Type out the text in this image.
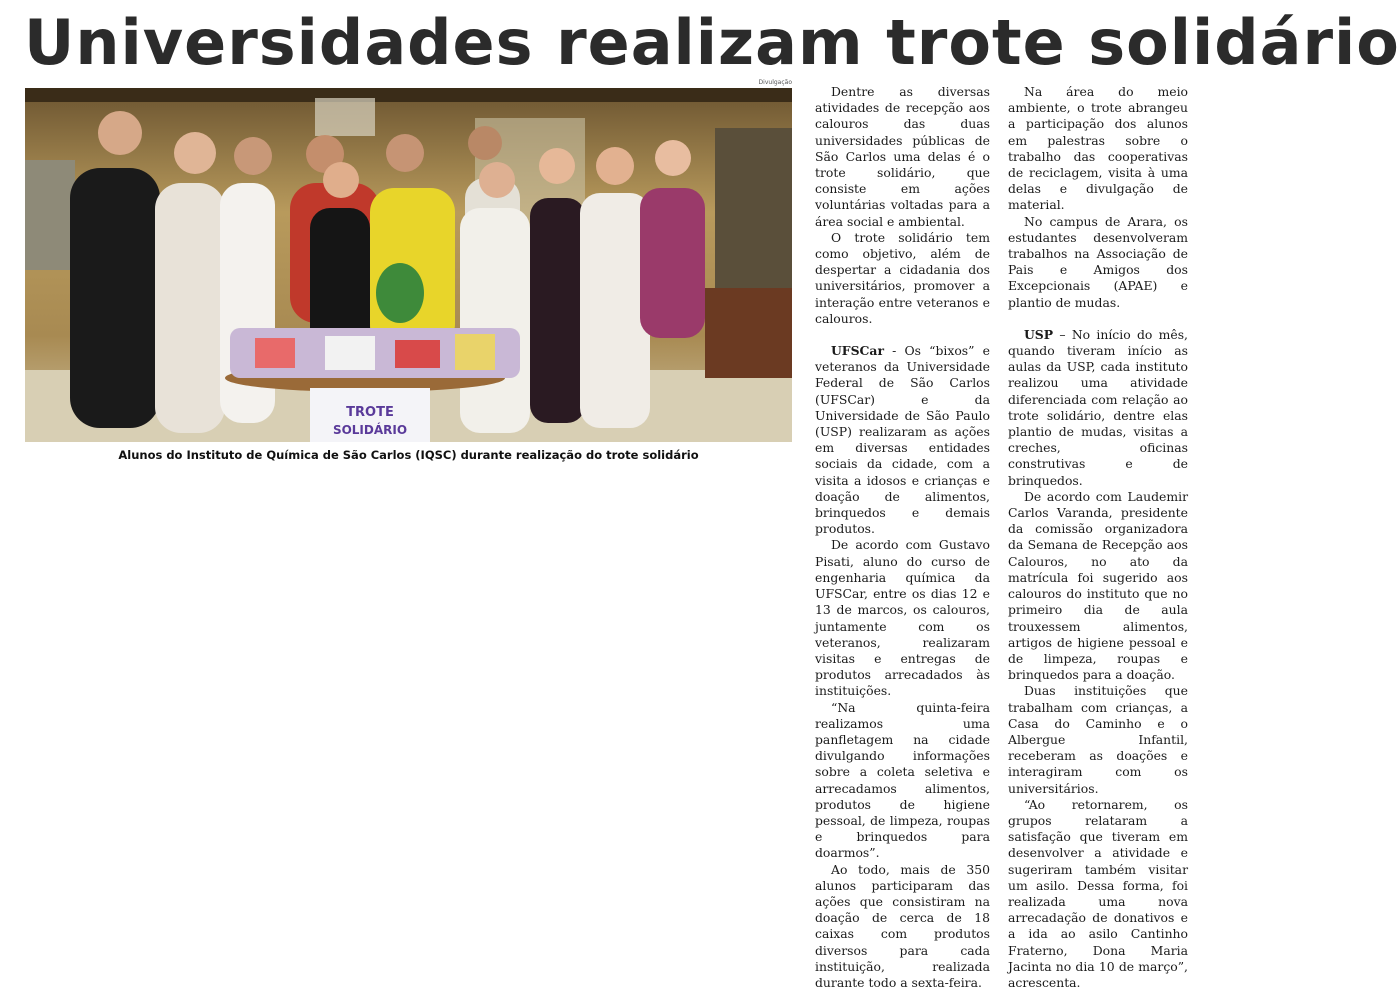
Universidades realizam trote solidário
Divulgação
TROTE
SOLIDÁRIO
Alunos do Instituto de Química de São Carlos (IQSC) durante realização do trote solidário

Dentre as diversas atividades de recepção aos calouros das duas universidades públicas de São Carlos uma delas é o trote solidário, que consiste em ações voluntárias voltadas para a área social e ambiental.

O trote solidário tem como objetivo, além de despertar a cidadania dos universitários, promover a interação entre veteranos e calouros.

UFSCar - Os “bixos” e veteranos da Universidade Federal de São Carlos (UFSCar) e da Universidade de São Paulo (USP) realizaram as ações em diversas entidades sociais da cidade, com a visita a idosos e crianças e doação de alimentos, brinquedos e demais produtos.

De acordo com Gustavo Pisati, aluno do curso de engenharia química da UFSCar, entre os dias 12 e 13 de marcos, os calouros, juntamente com os veteranos, realizaram visitas e entregas de produtos arrecadados às instituições.

“Na quinta-feira realizamos uma panfletagem na cidade divulgando informações sobre a coleta seletiva e arrecadamos alimentos, produtos de higiene pessoal, de limpeza, roupas e brinquedos para doarmos”.

Ao todo, mais de 350 alunos participaram das ações que consistiram na doação de cerca de 18 caixas com produtos diversos para cada instituição, realizada durante todo a sexta-feira.

Na área do meio ambiente, o trote abrangeu a participação dos alunos em palestras sobre o trabalho das cooperativas de reciclagem, visita à uma delas e divulgação de material.

No campus de Arara, os estudantes desenvolveram trabalhos na Associação de Pais e Amigos dos Excepcionais (APAE) e plantio de mudas.

USP – No início do mês, quando tiveram início as aulas da USP, cada instituto realizou uma atividade diferenciada com relação ao trote solidário, dentre elas plantio de mudas, visitas a creches, oficinas construtivas e de brinquedos.

De acordo com Laudemir Carlos Varanda, presidente da comissão organizadora da Semana de Recepção aos Calouros, no ato da matrícula foi sugerido aos calouros do instituto que no primeiro dia de aula trouxessem alimentos, artigos de higiene pessoal e de limpeza, roupas e brinquedos para a doação.

Duas instituições que trabalham com crianças, a Casa do Caminho e o Albergue Infantil, receberam as doações e interagiram com os universitários.

“Ao retornarem, os grupos relataram a satisfação que tiveram em desenvolver a atividade e sugeriram também visitar um asilo. Dessa forma, foi realizada uma nova arrecadação de donativos e a ida ao asilo Cantinho Fraterno, Dona Maria Jacinta no dia 10 de março”, acrescenta.
